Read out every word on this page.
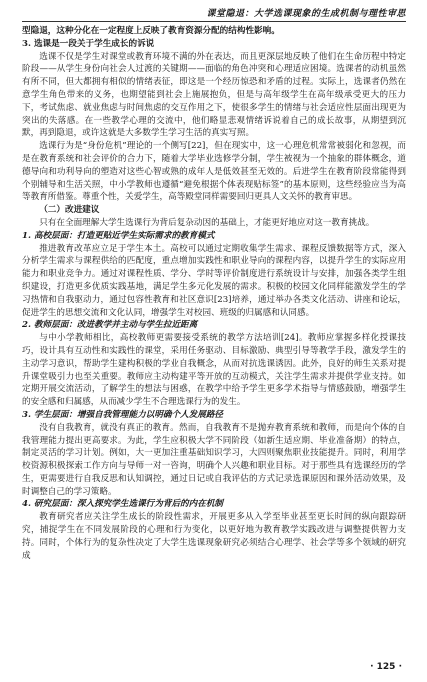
课堂隐退：大学选课现象的生成机制与理性审思

型隐退，这种分化在一定程度上反映了教育资源分配的结构性影响。

3. 选课是一段关于学生成长的诉说

选课不仅是学生对课堂或教育环境不满的外在表达，而且更深层地反映了他们在生命历程中特定阶段——从学生身份向社会人过渡的关键期——面临的角色冲突和心理适应困境。选课者的动机虽然有所不同，但大都拥有相似的情绪表征，即这是一个经历惊恐和矛盾的过程。实际上，选课者仍然在意学生角色带来的义务，也期望能到社会上施展抱负，但是与高年级学生在高年级承受更大的压力下，考试焦虑、就业焦虑与时间焦虑的交互作用之下，使很多学生的情绪与社会适应性层面出现更为突出的失落感。在一些教学心理的交流中，他们略显悲观情绪诉说着自己的成长故事，从期望到沉默，再到隐退，或许这就是大多数学生学习生活的真实写照。

选课行为是“身份危机”理论的一个侧写[22]，但在现实中，这一心理危机常常被弱化和忽视，而是在教育系统和社会评价的合力下，随着大学毕业选修学分制，学生被视为一个抽象的群体概念，道德导向和功利导向的塑造对这些心智或熟的成年人是低效甚至无效的。后进学生在教育阶段常能得到个别辅导和生活关照，中小学教师也遵循“避免根据个体表现贴标签”的基本原则，这些经验应当为高等教育所借鉴。尊重个性，关爱学生，高等殿堂同样需要回归更具人文关怀的教育审思。

（二）改进建议

只有在全面理解大学生选课行为背后复杂动因的基础上，才能更好地应对这一教育挑战。

1. 高校层面：打造更贴近学生实际需求的教育模式

推进教育改革应立足于学生本土。高校可以通过定期收集学生需求、课程反馈数据等方式，深入分析学生需求与课程供给的匹配度，重点增加实践性和职业导向的课程内容，以提升学生的实际应用能力和职业竞争力。通过对课程性质、学分、学时等评价制度进行系统设计与安排，加强各类学生组织建设，打造更多优质实践基地，满足学生多元化发展的需求。积极的校园文化同样能激发学生的学习热情和自我驱动力，通过包容性教育和社区意识[23]培养，通过举办各类文化活动、讲座和论坛，促进学生的思想交流和文化认同，增强学生对校园、班级的归属感和认同感。

2. 教师层面：改进教学并主动与学生拉近距离

与中小学教师相比，高校教师更需要接受系统的教学方法培训[24]。教师应掌握多样化授课技巧，设计具有互动性和实践性的课堂，采用任务驱动、目标激励、典型引导等教学手段，激发学生的主动学习意识，帮助学生建构积极的学业自我概念，从而对抗选课诱因。此外，良好的师生关系对提升课堂吸引力也至关重要。教师应主动构建平等开放的互动模式，关注学生需求并提供学业支持。如定期开展交流活动，了解学生的想法与困惑，在教学中给予学生更多学术指导与情感鼓励，增强学生的安全感和归属感，从而减少学生不合理选课行为的发生。

3. 学生层面：增强自我管理能力以明确个人发展路径

没有自我教育，就没有真正的教育。然而，自我教育不是抛弃教育系统和教师，而是向个体的自我管理能力提出更高要求。为此，学生应积极大学不同阶段（如新生适应期、毕业准备期）的特点，制定灵活的学习计划。例如，大一更加注重基础知识学习，大四则聚焦职业技能提升。同时，利用学校资源积极探索工作方向与导师一对一咨询，明确个人兴趣和职业目标。对于那些具有选课经历的学生，更需要进行自我反思和认知调控，通过日记或自我评估的方式记录选课原因和课外活动效果，及时调整自己的学习策略。

4. 研究层面：深入探究学生选课行为背后的内在机制

教育研究者应关注学生成长的阶段性需求，开展更多从入学至毕业甚至更长时间的纵向跟踪研究，捕捉学生在不同发展阶段的心理和行为变化，以更好地为教育教学实践改进与调整提供智力支持。同时，个体行为的复杂性决定了大学生选课现象研究必须结合心理学、社会学等多个领域的研究成

· 125 ·
